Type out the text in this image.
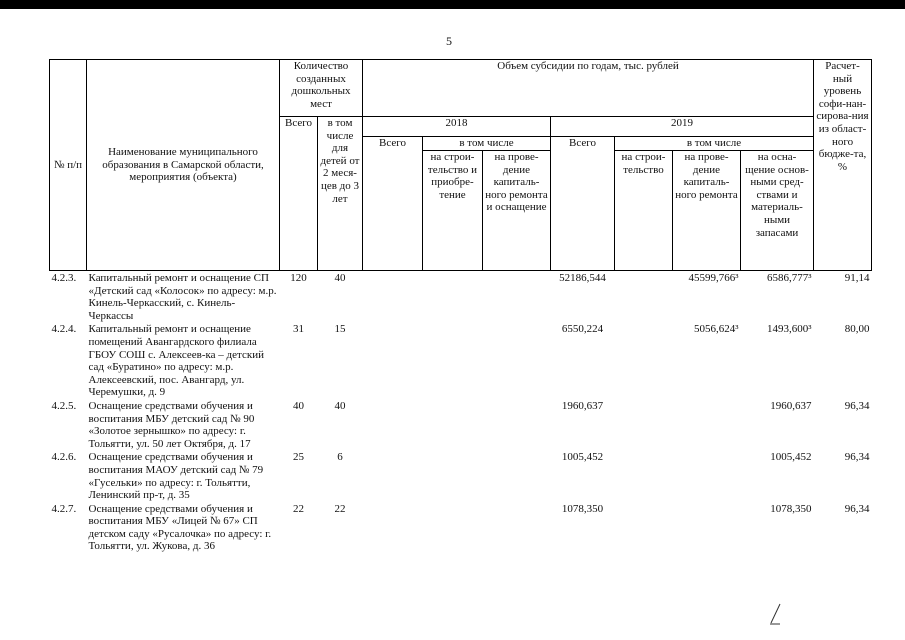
5
№ п/п	Наименование муниципального образования в Самарской области, мероприятия (объекта)	Количество созданных дошкольных мест		Объем субсидии по годам, тыс. рублей							Расчет-ный уровень софи-нан-сирова-ния из област-ного бюдже-та, %
		Всего	в том числе для детей от 2 меся-цев до 3 лет	2018			2019				
				Всего	в том числе		Всего	в том числе			
					на строи-тельство и приобре-тение	на прове-дение капиталь-ного ремонта и оснащение		на строи-тельство	на прове-дение капиталь-ного ремонта	на осна-щение основ-ными сред-ствами и материаль-ными запасами	
4.2.3.	Капитальный ремонт и оснащение СП «Детский сад «Колосок» по адресу: м.р. Кинель-Черкасский, с. Кинель-Черкассы	120	40				52186,544		45599,766³	6586,777³	91,14
4.2.4.	Капитальный ремонт и оснащение помещений Авангардского филиала ГБОУ СОШ с. Алексеев-ка – детский сад «Буратино» по адресу: м.р. Алексеевский, пос. Авангард, ул. Черемушки, д. 9	31	15				6550,224		5056,624³	1493,600³	80,00
4.2.5.	Оснащение средствами обучения и воспитания МБУ детский сад № 90 «Золотое зернышко» по адресу: г. Тольятти, ул. 50 лет Октября, д. 17	40	40				1960,637			1960,637	96,34
4.2.6.	Оснащение средствами обучения и воспитания МАОУ детский сад № 79 «Гусельки» по адресу: г. Тольятти, Ленинский пр-т, д. 35	25	6				1005,452			1005,452	96,34
4.2.7.	Оснащение средствами обучения и воспитания МБУ «Лицей № 67» СП детском саду «Русалочка» по адресу: г. Тольятти, ул. Жукова, д. 36	22	22				1078,350			1078,350	96,34
